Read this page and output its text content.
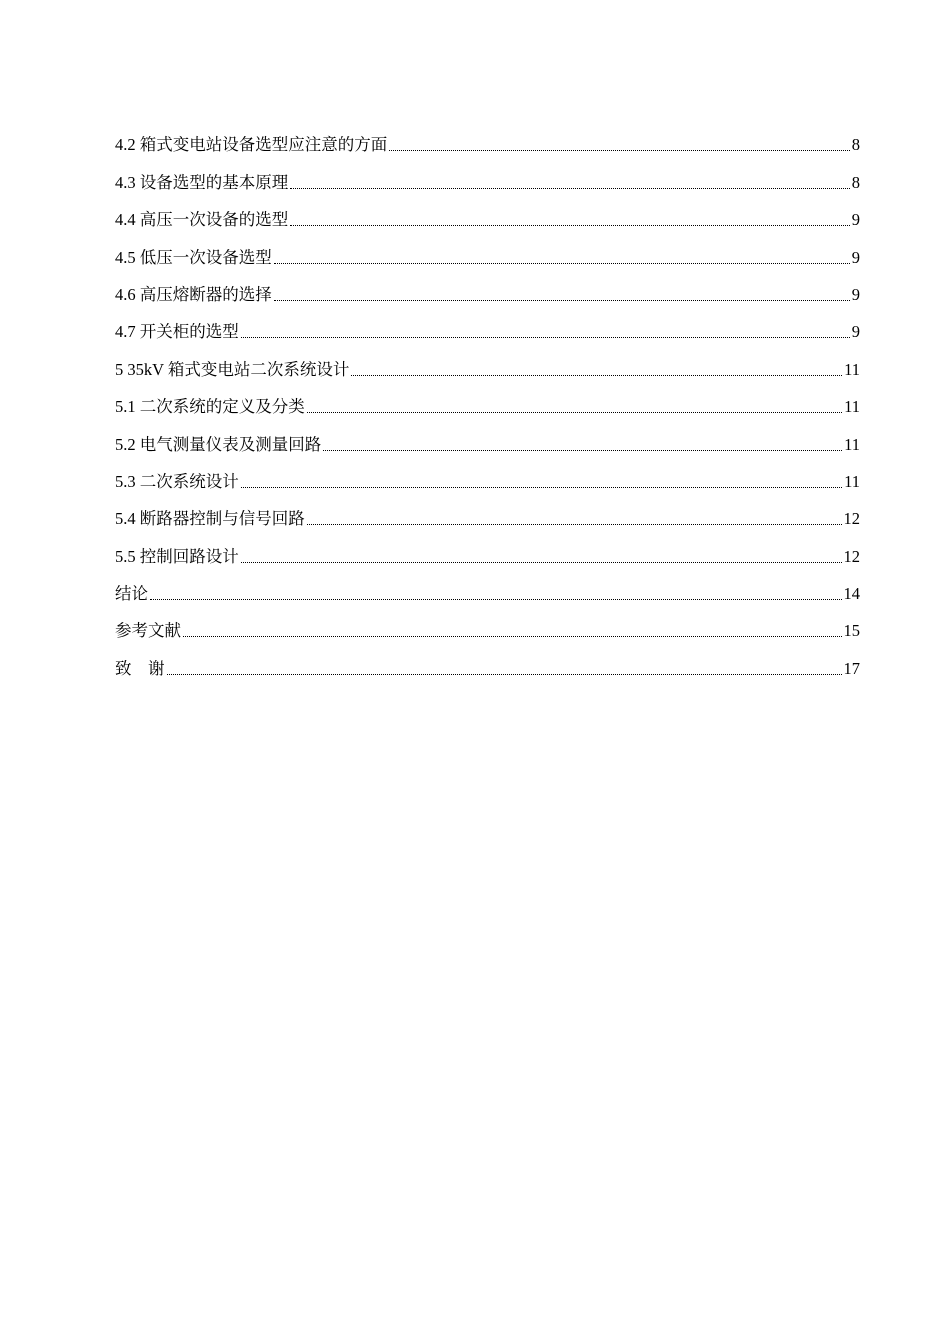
4.2 箱式变电站设备选型应注意的方面	8
4.3 设备选型的基本原理	8
4.4 高压一次设备的选型	9
4.5 低压一次设备选型	9
4.6 高压熔断器的选择	9
4.7 开关柜的选型	9
5 35kV 箱式变电站二次系统设计	11
5.1 二次系统的定义及分类	11
5.2 电气测量仪表及测量回路	11
5.3 二次系统设计	11
5.4 断路器控制与信号回路	12
5.5 控制回路设计	12
结论	14
参考文献	15
致　谢	17
